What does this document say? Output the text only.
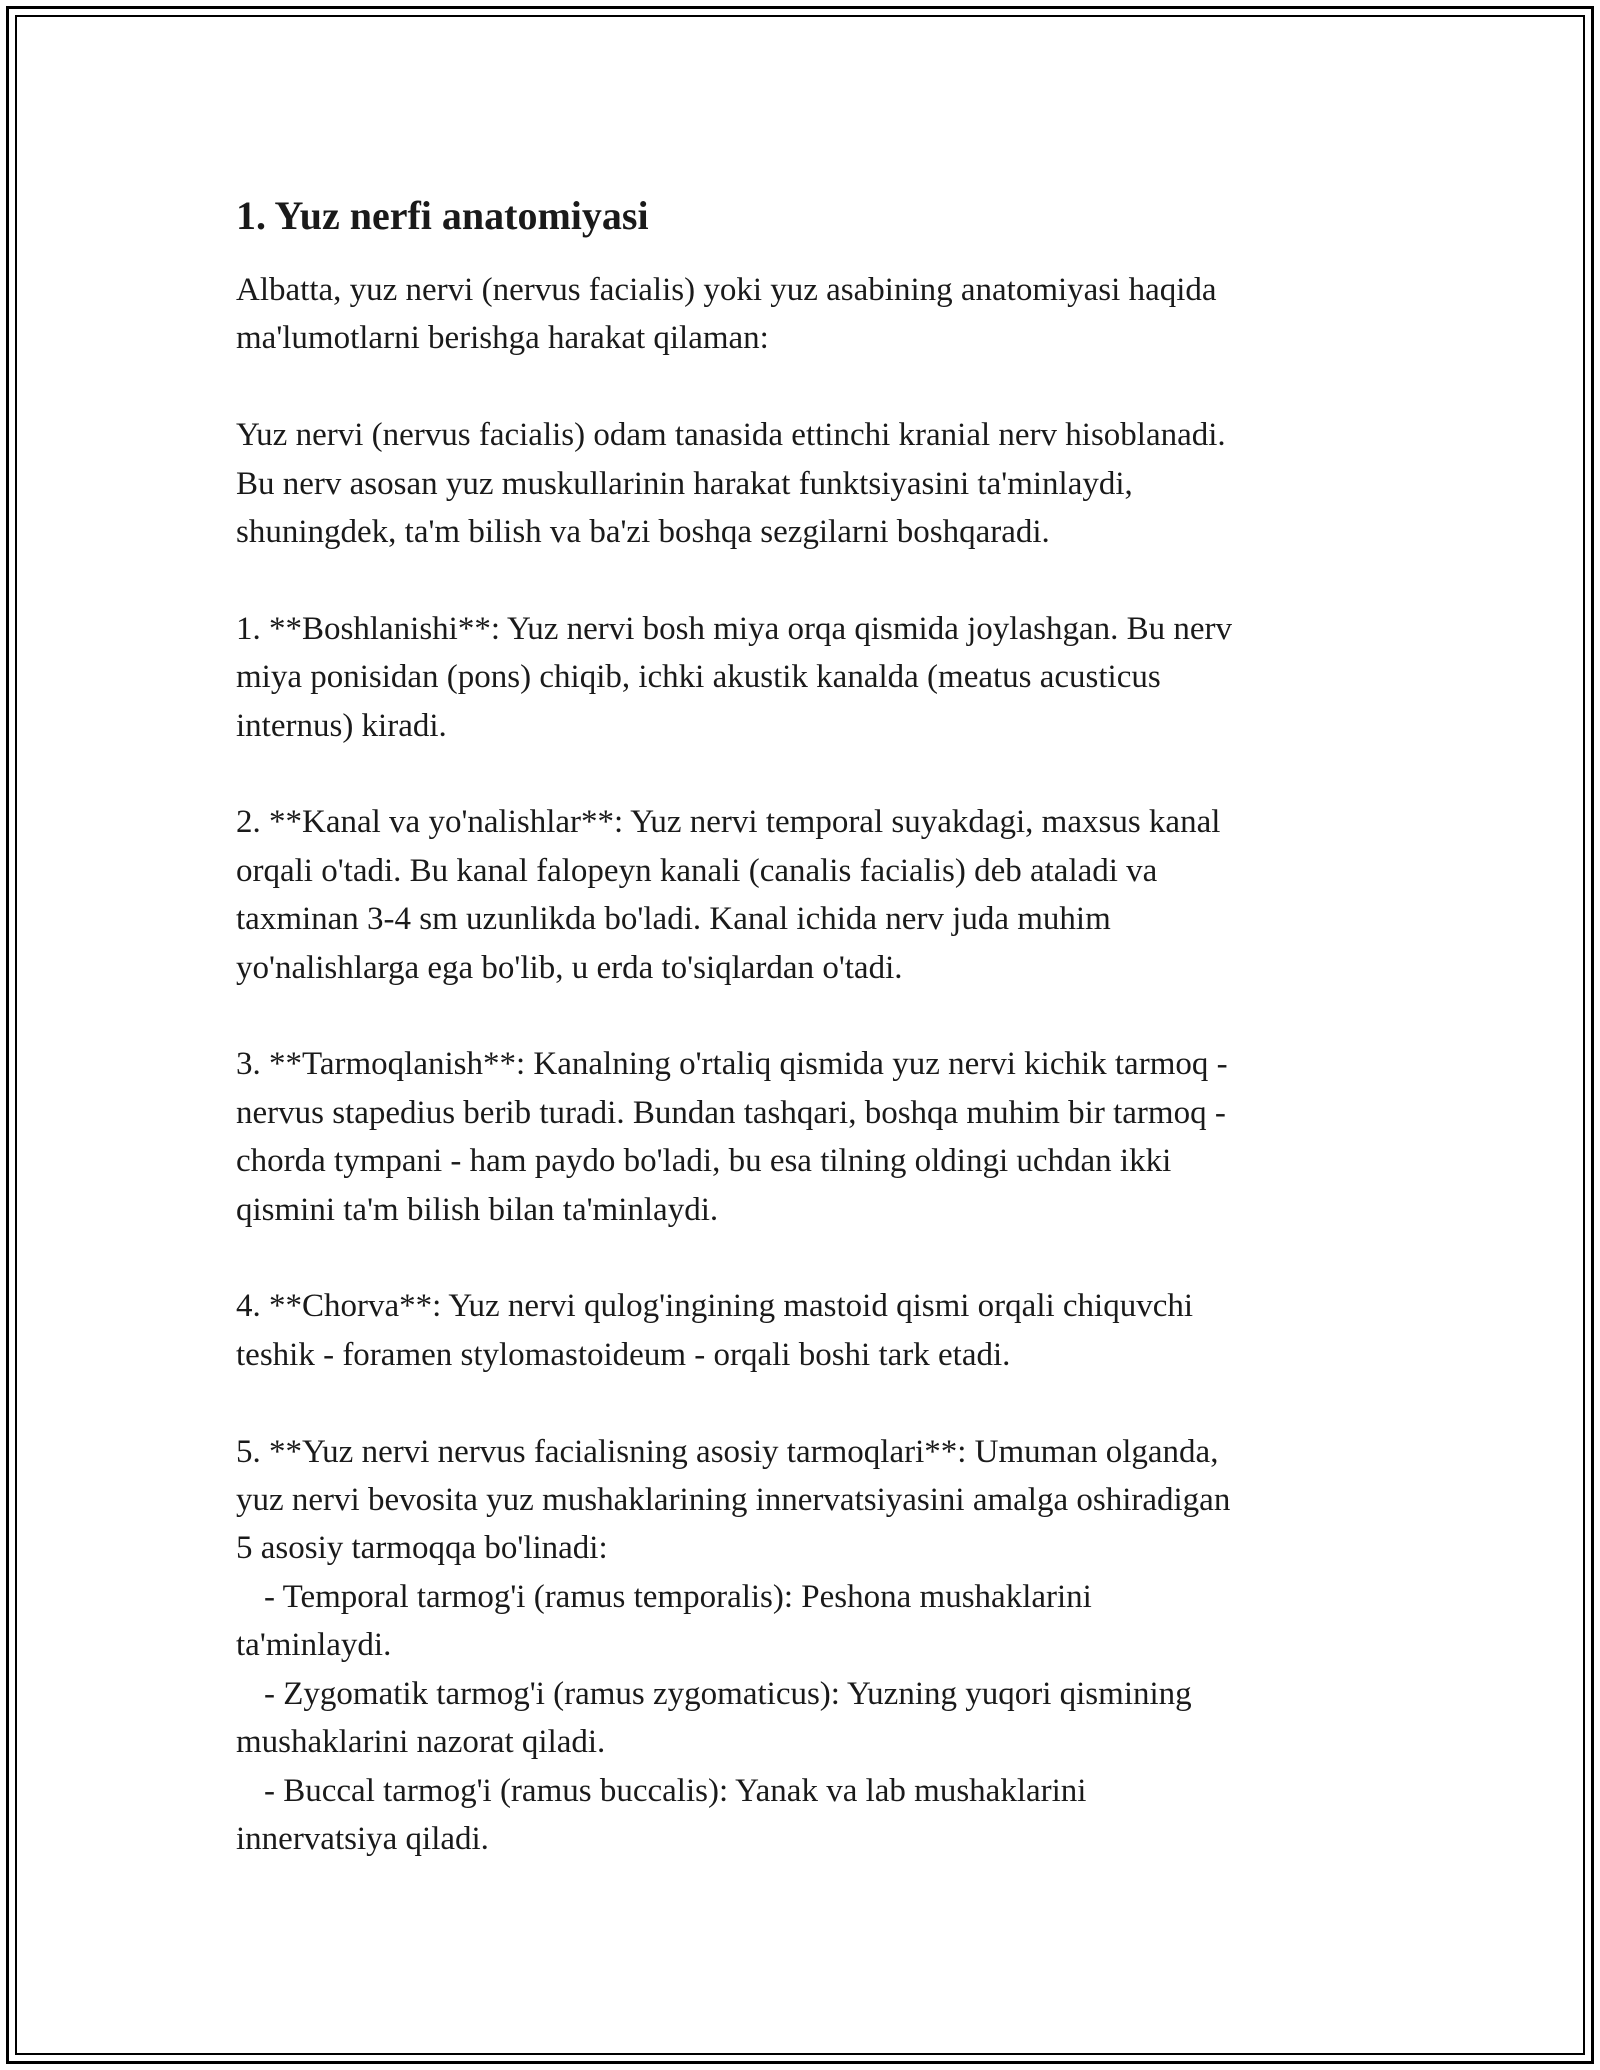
1. Yuz nerfi anatomiyasi

Albatta, yuz nervi (nervus facialis) yoki yuz asabining anatomiyasi haqida
ma'lumotlarni berishga harakat qilaman:

Yuz nervi (nervus facialis) odam tanasida ettinchi kranial nerv hisoblanadi.
Bu nerv asosan yuz muskullarinin harakat funktsiyasini ta'minlaydi,
shuningdek, ta'm bilish va ba'zi boshqa sezgilarni boshqaradi.

1. **Boshlanishi**: Yuz nervi bosh miya orqa qismida joylashgan. Bu nerv
miya ponisidan (pons) chiqib, ichki akustik kanalda (meatus acusticus
internus) kiradi.

2. **Kanal va yo'nalishlar**: Yuz nervi temporal suyakdagi, maxsus kanal
orqali o'tadi. Bu kanal falopeyn kanali (canalis facialis) deb ataladi va
taxminan 3-4 sm uzunlikda bo'ladi. Kanal ichida nerv juda muhim
yo'nalishlarga ega bo'lib, u erda to'siqlardan o'tadi.

3. **Tarmoqlanish**: Kanalning o'rtaliq qismida yuz nervi kichik tarmoq -
nervus stapedius berib turadi. Bundan tashqari, boshqa muhim bir tarmoq -
chorda tympani - ham paydo bo'ladi, bu esa tilning oldingi uchdan ikki
qismini ta'm bilish bilan ta'minlaydi.

4. **Chorva**: Yuz nervi qulog'ingining mastoid qismi orqali chiquvchi
teshik - foramen stylomastoideum - orqali boshi tark etadi.

5. **Yuz nervi nervus facialisning asosiy tarmoqlari**: Umuman olganda,
yuz nervi bevosita yuz mushaklarining innervatsiyasini amalga oshiradigan
5 asosiy tarmoqqa bo'linadi:
- Temporal tarmog'i (ramus temporalis): Peshona mushaklarini
ta'minlaydi.
- Zygomatik tarmog'i (ramus zygomaticus): Yuzning yuqori qismining
mushaklarini nazorat qiladi.
- Buccal tarmog'i (ramus buccalis): Yanak va lab mushaklarini
innervatsiya qiladi.
